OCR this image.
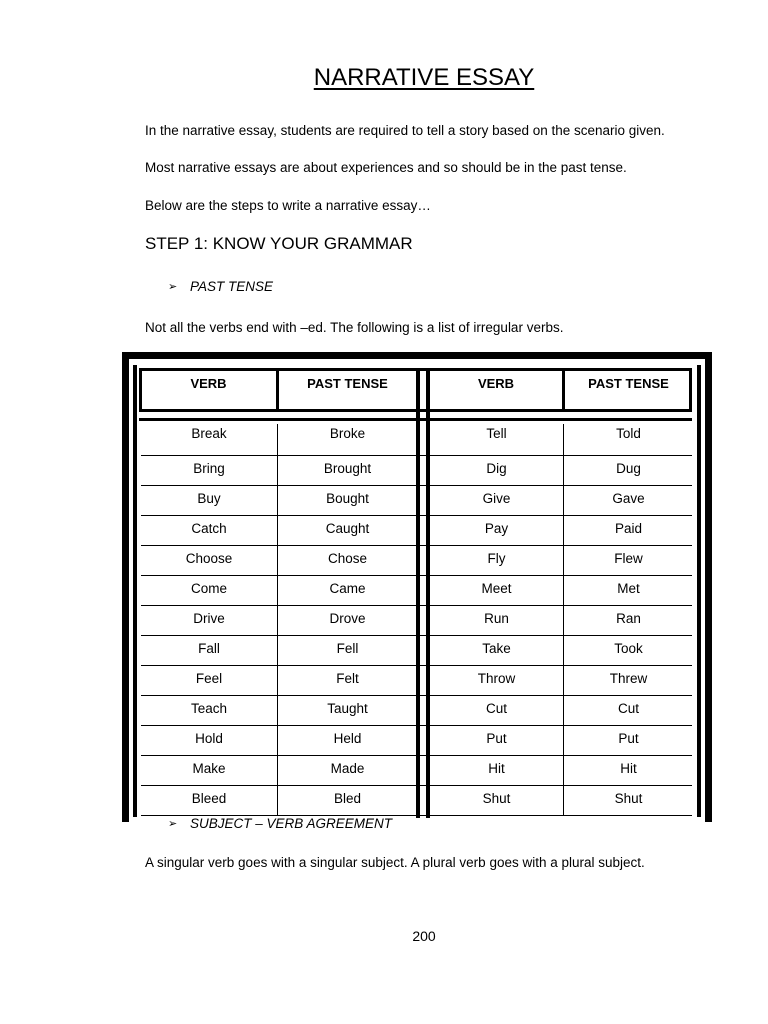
NARRATIVE ESSAY
In the narrative essay, students are required to tell a story based on the scenario given.
Most narrative essays are about experiences and so should be in the past tense.
Below are the steps to write a narrative essay…
STEP 1: KNOW YOUR GRAMMAR
➢ PAST TENSE
Not all the verbs end with –ed. The following is a list of irregular verbs.
VERB	PAST TENSE	VERB	PAST TENSE
Break	Broke	Tell	Told
Bring	Brought	Dig	Dug
Buy	Bought	Give	Gave
Catch	Caught	Pay	Paid
Choose	Chose	Fly	Flew
Come	Came	Meet	Met
Drive	Drove	Run	Ran
Fall	Fell	Take	Took
Feel	Felt	Throw	Threw
Teach	Taught	Cut	Cut
Hold	Held	Put	Put
Make	Made	Hit	Hit
Bleed	Bled	Shut	Shut
➢ SUBJECT – VERB AGREEMENT
A singular verb goes with a singular subject. A plural verb goes with a plural subject.
200
